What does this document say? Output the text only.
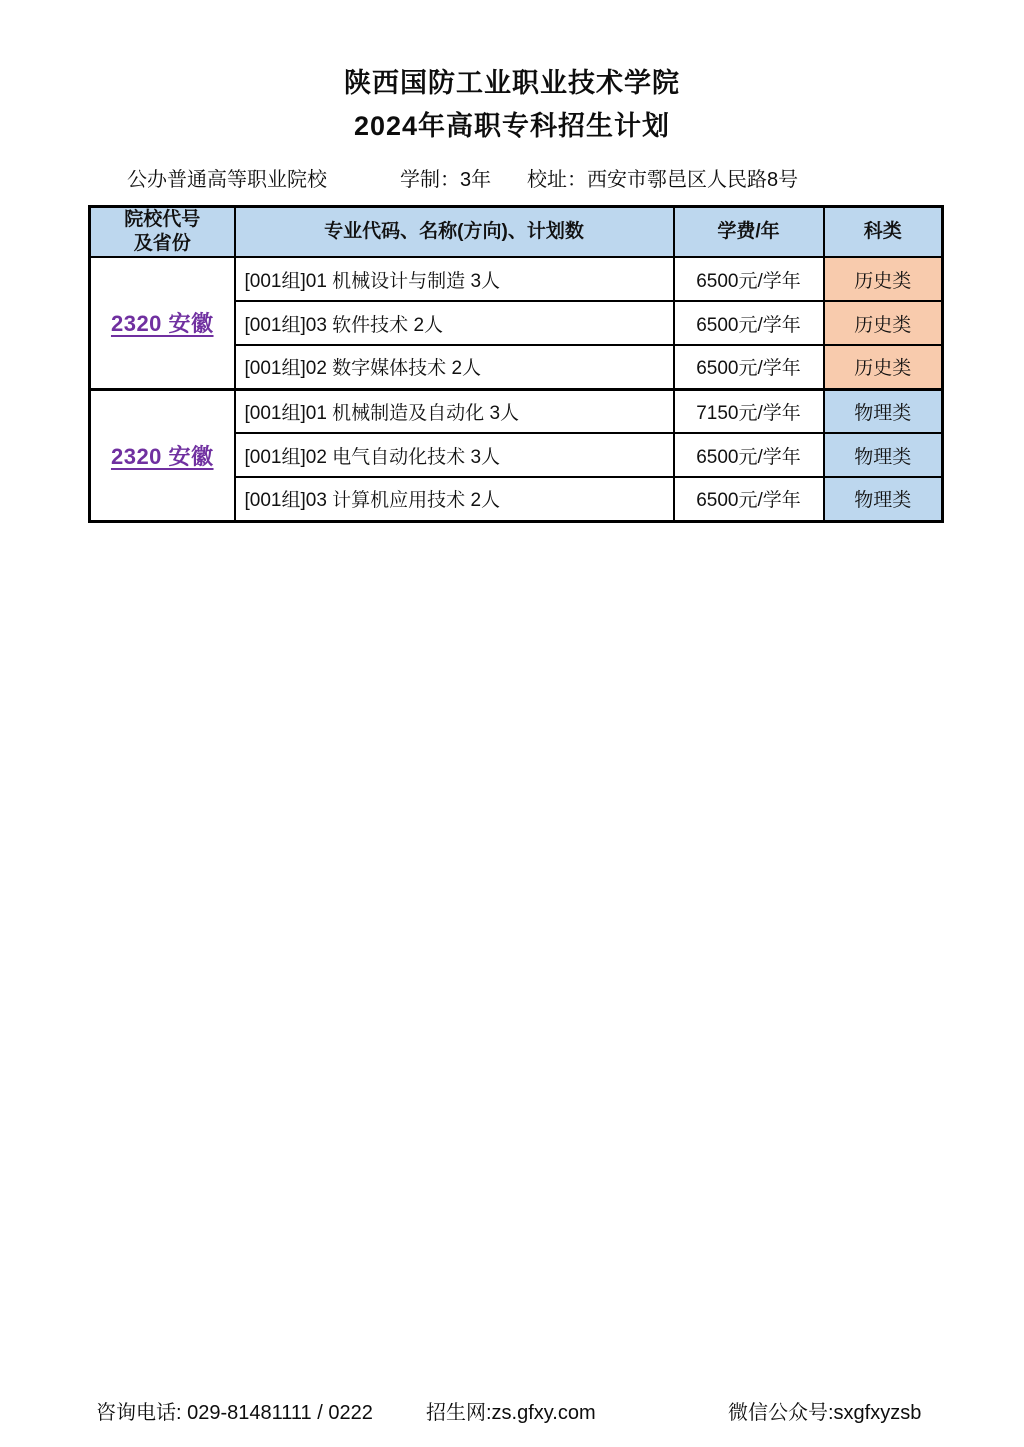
陕西国防工业职业技术学院
2024年高职专科招生计划
公办普通高等职业院校	学制：3年 校址：西安市鄠邑区人民路8号
院校代号
及省份	专业代码、名称(方向)、计划数	学费/年	科类
2320 安徽	[001组]01 机械设计与制造 3人	6500元/学年	历史类
	[001组]03 软件技术 2人	6500元/学年	历史类
	[001组]02 数字媒体技术 2人	6500元/学年	历史类
2320 安徽	[001组]01 机械制造及自动化 3人	7150元/学年	物理类
	[001组]02 电气自动化技术 3人	6500元/学年	物理类
	[001组]03 计算机应用技术 2人	6500元/学年	物理类
咨询电话: 029-81481111 / 0222	招生网:zs.gfxy.com	微信公众号:sxgfxyzsb
